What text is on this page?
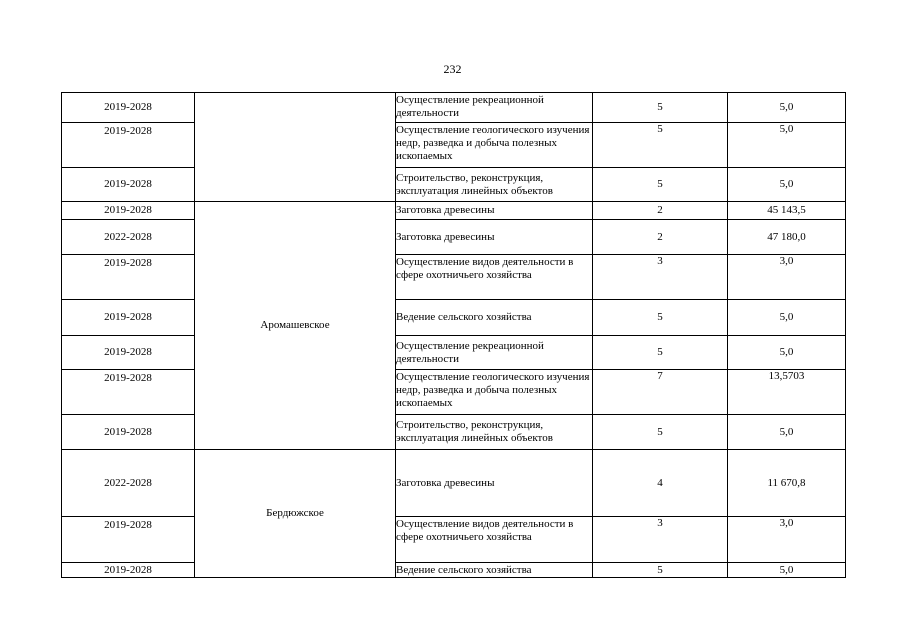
232
2019-2028		Осуществление рекреационной деятельности	5	5,0
2019-2028		Осуществление геологического изучения недр, разведка и добыча полезных ископаемых	5	5,0
2019-2028		Строительство, реконструкция, эксплуатация линейных объектов	5	5,0
2019-2028	Аромашевское	Заготовка древесины	2	45 143,5
2022-2028		Заготовка древесины	2	47 180,0
2019-2028		Осуществление видов деятельности в сфере охотничьего хозяйства	3	3,0
2019-2028		Ведение сельского хозяйства	5	5,0
2019-2028		Осуществление рекреационной деятельности	5	5,0
2019-2028		Осуществление геологического изучения недр, разведка и добыча полезных ископаемых	7	13,5703
2019-2028		Строительство, реконструкция, эксплуатация линейных объектов	5	5,0
2022-2028	Бердюжское	Заготовка древесины	4	11 670,8
2019-2028		Осуществление видов деятельности в сфере охотничьего хозяйства	3	3,0
2019-2028		Ведение сельского хозяйства	5	5,0
